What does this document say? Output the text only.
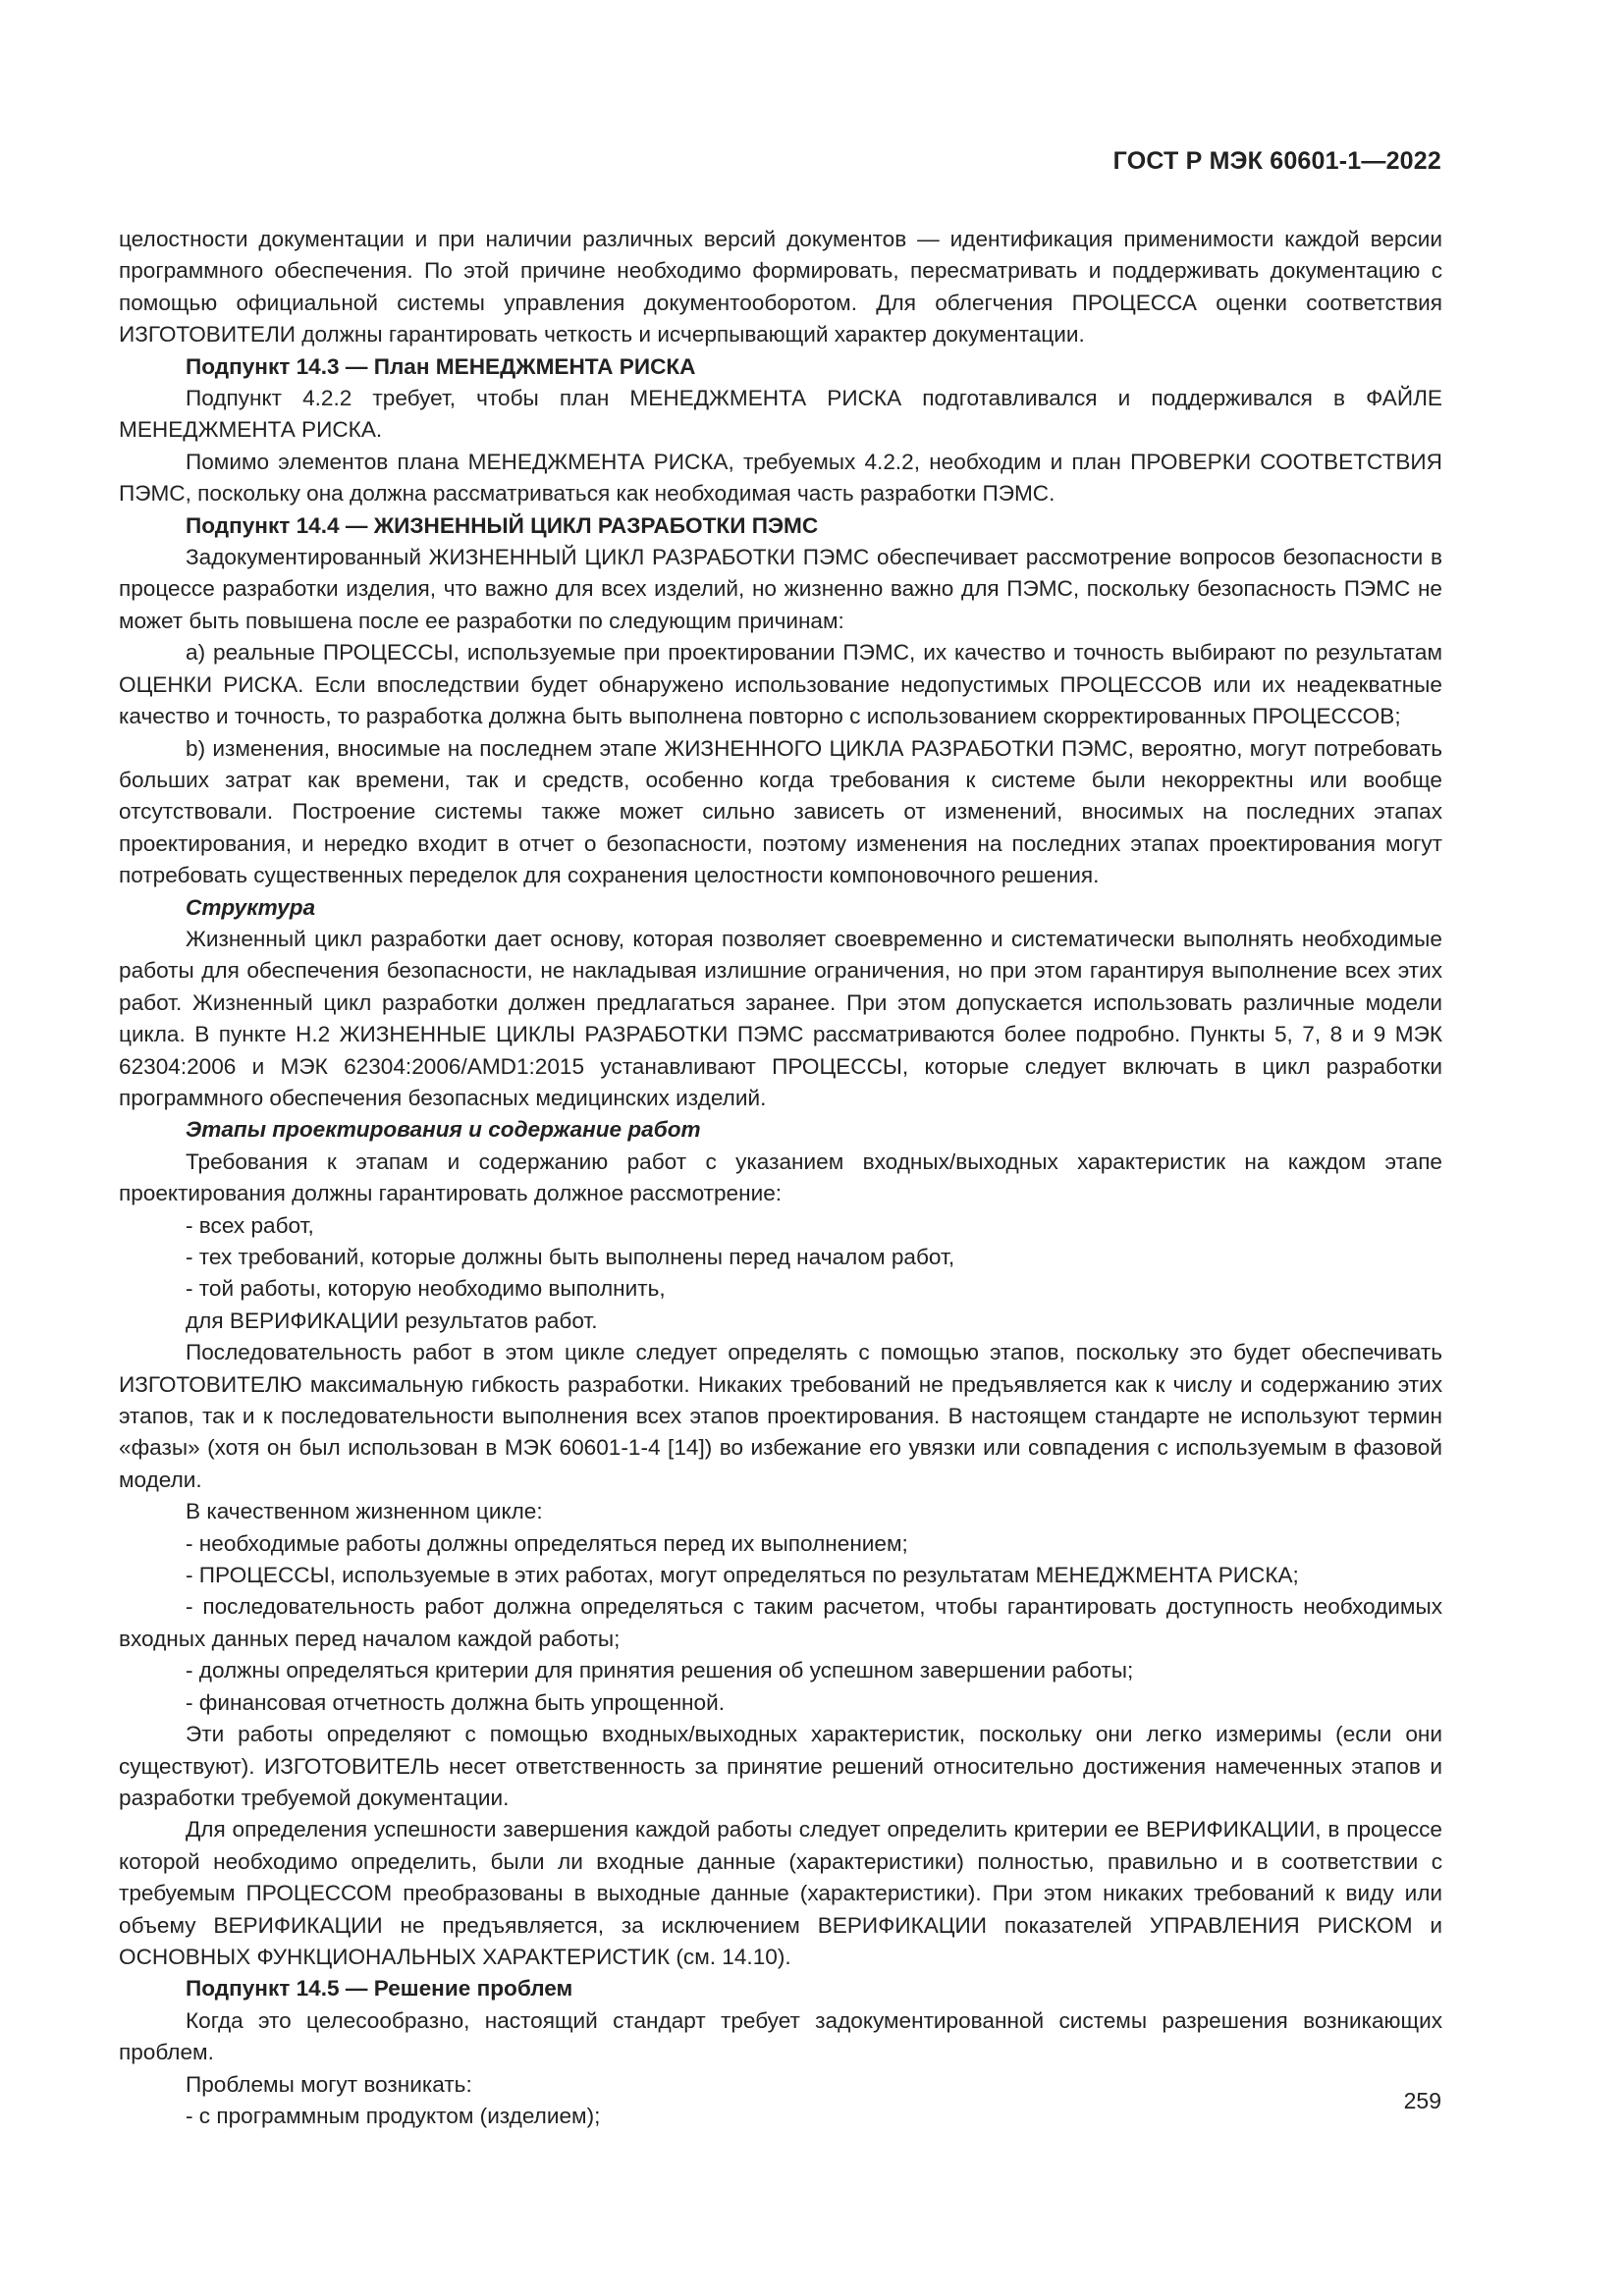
ГОСТ Р МЭК 60601-1—2022

целостности документации и при наличии различных версий документов — идентификация применимости каждой версии программного обеспечения. По этой причине необходимо формировать, пересматривать и поддерживать документацию с помощью официальной системы управления документооборотом. Для облегчения ПРОЦЕССА оценки соответствия ИЗГОТОВИТЕЛИ должны гарантировать четкость и исчерпывающий характер документации.

Подпункт 14.3 — План МЕНЕДЖМЕНТА РИСКА

Подпункт 4.2.2 требует, чтобы план МЕНЕДЖМЕНТА РИСКА подготавливался и поддерживался в ФАЙЛЕ МЕНЕДЖМЕНТА РИСКА.

Помимо элементов плана МЕНЕДЖМЕНТА РИСКА, требуемых 4.2.2, необходим и план ПРОВЕРКИ СООТВЕТСТВИЯ ПЭМС, поскольку она должна рассматриваться как необходимая часть разработки ПЭМС.

Подпункт 14.4 — ЖИЗНЕННЫЙ ЦИКЛ РАЗРАБОТКИ ПЭМС

Задокументированный ЖИЗНЕННЫЙ ЦИКЛ РАЗРАБОТКИ ПЭМС обеспечивает рассмотрение вопросов безопасности в процессе разработки изделия, что важно для всех изделий, но жизненно важно для ПЭМС, поскольку безопасность ПЭМС не может быть повышена после ее разработки по следующим причинам:

a) реальные ПРОЦЕССЫ, используемые при проектировании ПЭМС, их качество и точность выбирают по результатам ОЦЕНКИ РИСКА. Если впоследствии будет обнаружено использование недопустимых ПРОЦЕССОВ или их неадекватные качество и точность, то разработка должна быть выполнена повторно с использованием скорректированных ПРОЦЕССОВ;

b) изменения, вносимые на последнем этапе ЖИЗНЕННОГО ЦИКЛА РАЗРАБОТКИ ПЭМС, вероятно, могут потребовать больших затрат как времени, так и средств, особенно когда требования к системе были некорректны или вообще отсутствовали. Построение системы также может сильно зависеть от изменений, вносимых на последних этапах проектирования, и нередко входит в отчет о безопасности, поэтому изменения на последних этапах проектирования могут потребовать существенных переделок для сохранения целостности компоновочного решения.

Структура

Жизненный цикл разработки дает основу, которая позволяет своевременно и систематически выполнять необходимые работы для обеспечения безопасности, не накладывая излишние ограничения, но при этом гарантируя выполнение всех этих работ. Жизненный цикл разработки должен предлагаться заранее. При этом допускается использовать различные модели цикла. В пункте Н.2 ЖИЗНЕННЫЕ ЦИКЛЫ РАЗРАБОТКИ ПЭМС рассматриваются более подробно. Пункты 5, 7, 8 и 9 МЭК 62304:2006 и МЭК 62304:2006/AMD1:2015 устанавливают ПРОЦЕССЫ, которые следует включать в цикл разработки программного обеспечения безопасных медицинских изделий.

Этапы проектирования и содержание работ

Требования к этапам и содержанию работ с указанием входных/выходных характеристик на каждом этапе проектирования должны гарантировать должное рассмотрение:

- всех работ,

- тех требований, которые должны быть выполнены перед началом работ,

- той работы, которую необходимо выполнить,

для ВЕРИФИКАЦИИ результатов работ.

Последовательность работ в этом цикле следует определять с помощью этапов, поскольку это будет обеспечивать ИЗГОТОВИТЕЛЮ максимальную гибкость разработки. Никаких требований не предъявляется как к числу и содержанию этих этапов, так и к последовательности выполнения всех этапов проектирования. В настоящем стандарте не используют термин «фазы» (хотя он был использован в МЭК 60601-1-4 [14]) во избежание его увязки или совпадения с используемым в фазовой модели.

В качественном жизненном цикле:

- необходимые работы должны определяться перед их выполнением;

- ПРОЦЕССЫ, используемые в этих работах, могут определяться по результатам МЕНЕДЖМЕНТА РИСКА;

- последовательность работ должна определяться с таким расчетом, чтобы гарантировать доступность необходимых входных данных перед началом каждой работы;

- должны определяться критерии для принятия решения об успешном завершении работы;

- финансовая отчетность должна быть упрощенной.

Эти работы определяют с помощью входных/выходных характеристик, поскольку они легко измеримы (если они существуют). ИЗГОТОВИТЕЛЬ несет ответственность за принятие решений относительно достижения намеченных этапов и разработки требуемой документации.

Для определения успешности завершения каждой работы следует определить критерии ее ВЕРИФИКАЦИИ, в процессе которой необходимо определить, были ли входные данные (характеристики) полностью, правильно и в соответствии с требуемым ПРОЦЕССОМ преобразованы в выходные данные (характеристики). При этом никаких требований к виду или объему ВЕРИФИКАЦИИ не предъявляется, за исключением ВЕРИФИКАЦИИ показателей УПРАВЛЕНИЯ РИСКОМ и ОСНОВНЫХ ФУНКЦИОНАЛЬНЫХ ХАРАКТЕРИСТИК (см. 14.10).

Подпункт 14.5 — Решение проблем

Когда это целесообразно, настоящий стандарт требует задокументированной системы разрешения возникающих проблем.

Проблемы могут возникать:

- с программным продуктом (изделием);

259
